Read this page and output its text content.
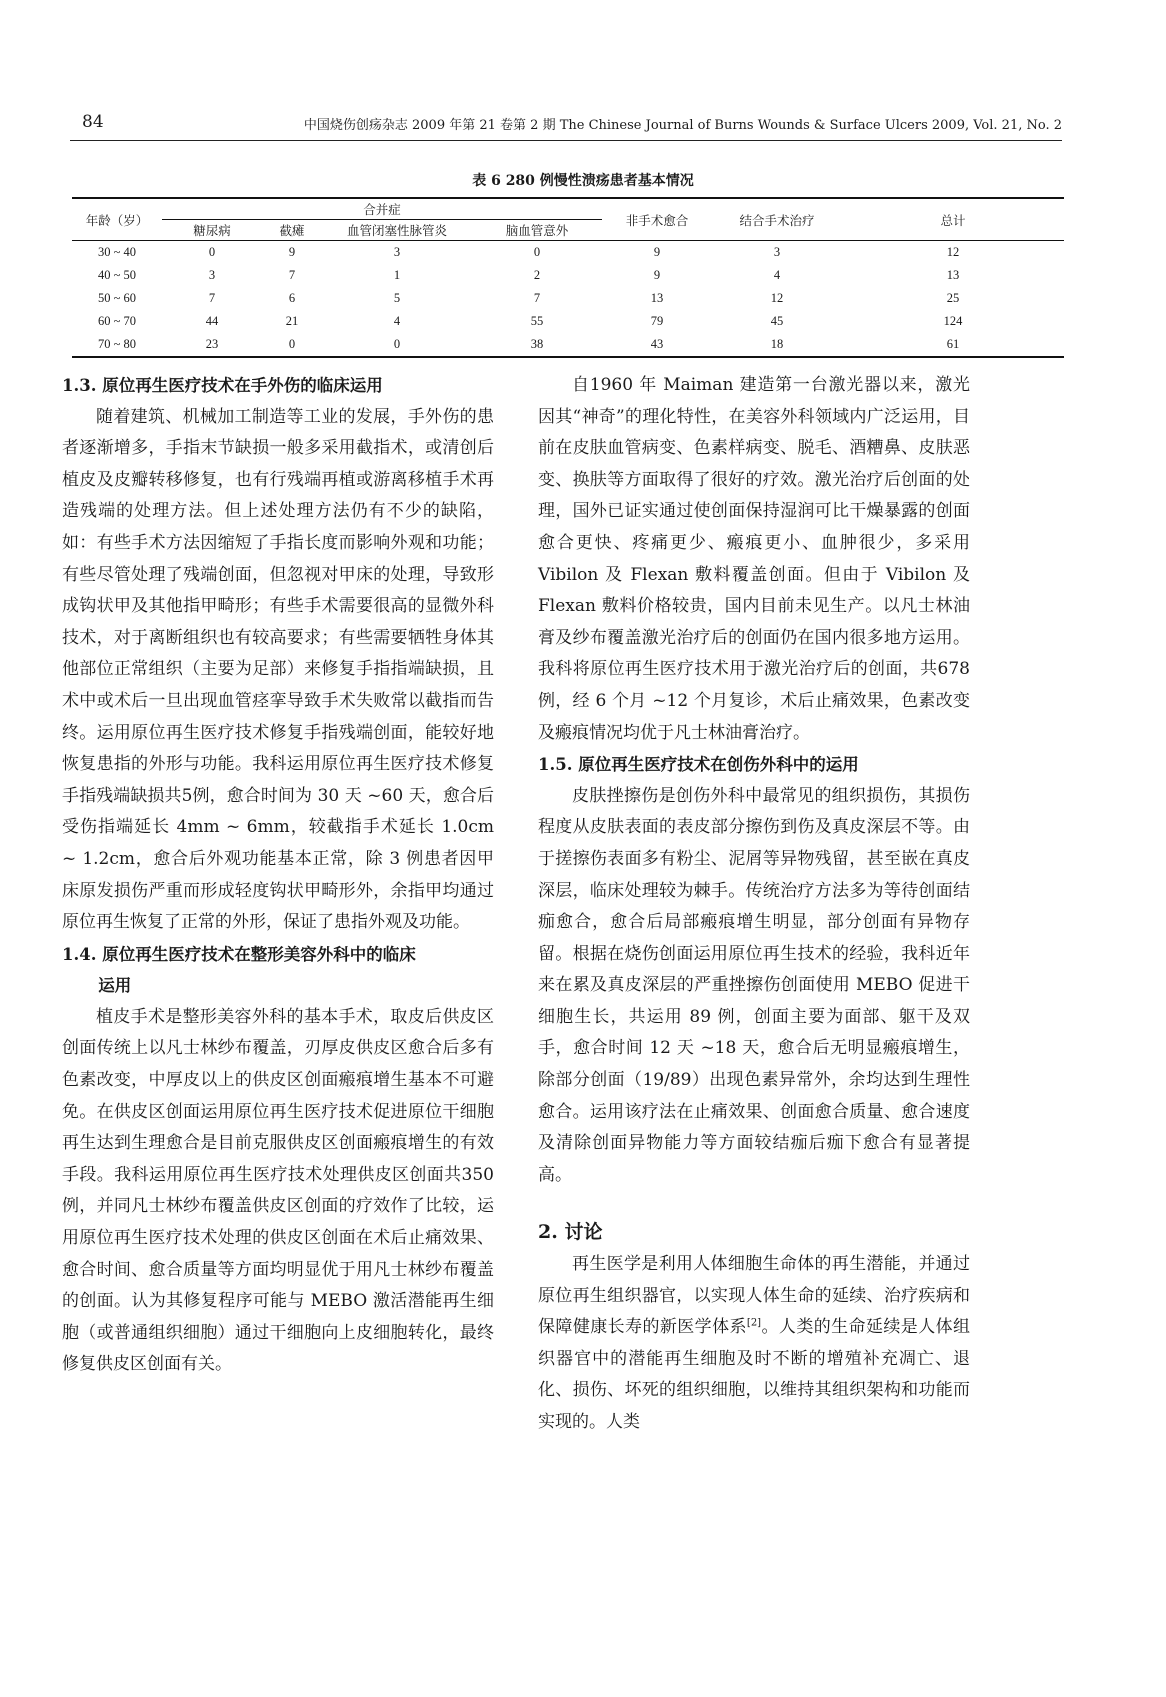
84	中国烧伤创疡杂志 2009 年第 21 卷第 2 期 The Chinese Journal of Burns Wounds & Surface Ulcers 2009, Vol. 21, No. 2
表 6 280 例慢性溃疡患者基本情况
年龄（岁）	合并症				非手术愈合	结合手术治疗	总计
	糖尿病	截瘫	血管闭塞性脉管炎	脑血管意外			
30 ~ 40	0	9	3	0	9	3	12
40 ~ 50	3	7	1	2	9	4	13
50 ~ 60	7	6	5	7	13	12	25
60 ~ 70	44	21	4	55	79	45	124
70 ~ 80	23	0	0	38	43	18	61
1.3. 原位再生医疗技术在手外伤的临床运用

随着建筑、机械加工制造等工业的发展，手外伤的患者逐渐增多，手指末节缺损一般多采用截指术，或清创后植皮及皮瓣转移修复，也有行残端再植或游离移植手术再造残端的处理方法。但上述处理方法仍有不少的缺陷，如：有些手术方法因缩短了手指长度而影响外观和功能；有些尽管处理了残端创面，但忽视对甲床的处理，导致形成钩状甲及其他指甲畸形；有些手术需要很高的显微外科技术，对于离断组织也有较高要求；有些需要牺牲身体其他部位正常组织（主要为足部）来修复手指指端缺损，且术中或术后一旦出现血管痉挛导致手术失败常以截指而告终。运用原位再生医疗技术修复手指残端创面，能较好地恢复患指的外形与功能。我科运用原位再生医疗技术修复手指残端缺损共5例，愈合时间为 30 天 ~60 天，愈合后受伤指端延长 4mm ~ 6mm，较截指手术延长 1.0cm ~ 1.2cm，愈合后外观功能基本正常，除 3 例患者因甲床原发损伤严重而形成轻度钩状甲畸形外，余指甲均通过原位再生恢复了正常的外形，保证了患指外观及功能。

1.4. 原位再生医疗技术在整形美容外科中的临床
运用

植皮手术是整形美容外科的基本手术，取皮后供皮区创面传统上以凡士林纱布覆盖，刃厚皮供皮区愈合后多有色素改变，中厚皮以上的供皮区创面瘢痕增生基本不可避免。在供皮区创面运用原位再生医疗技术促进原位干细胞再生达到生理愈合是目前克服供皮区创面瘢痕增生的有效手段。我科运用原位再生医疗技术处理供皮区创面共350例，并同凡士林纱布覆盖供皮区创面的疗效作了比较，运用原位再生医疗技术处理的供皮区创面在术后止痛效果、愈合时间、愈合质量等方面均明显优于用凡士林纱布覆盖的创面。认为其修复程序可能与 MEBO 激活潜能再生细胞（或普通组织细胞）通过干细胞向上皮细胞转化，最终修复供皮区创面有关。

自1960 年 Maiman 建造第一台激光器以来，激光因其“神奇”的理化特性，在美容外科领域内广泛运用，目前在皮肤血管病变、色素样病变、脱毛、酒糟鼻、皮肤恶变、换肤等方面取得了很好的疗效。激光治疗后创面的处理，国外已证实通过使创面保持湿润可比干燥暴露的创面愈合更快、疼痛更少、瘢痕更小、血肿很少，多采用 Vibilon 及 Flexan 敷料覆盖创面。但由于 Vibilon 及 Flexan 敷料价格较贵，国内目前未见生产。以凡士林油膏及纱布覆盖激光治疗后的创面仍在国内很多地方运用。我科将原位再生医疗技术用于激光治疗后的创面，共678 例，经 6 个月 ~12 个月复诊，术后止痛效果，色素改变及瘢痕情况均优于凡士林油膏治疗。

1.5. 原位再生医疗技术在创伤外科中的运用

皮肤挫擦伤是创伤外科中最常见的组织损伤，其损伤程度从皮肤表面的表皮部分擦伤到伤及真皮深层不等。由于搓擦伤表面多有粉尘、泥屑等异物残留，甚至嵌在真皮深层，临床处理较为棘手。传统治疗方法多为等待创面结痂愈合，愈合后局部瘢痕增生明显，部分创面有异物存留。根据在烧伤创面运用原位再生技术的经验，我科近年来在累及真皮深层的严重挫擦伤创面使用 MEBO 促进干细胞生长，共运用 89 例，创面主要为面部、躯干及双手，愈合时间 12 天 ~18 天，愈合后无明显瘢痕增生，除部分创面（19/89）出现色素异常外，余均达到生理性愈合。运用该疗法在止痛效果、创面愈合质量、愈合速度及清除创面异物能力等方面较结痂后痂下愈合有显著提高。

2. 讨论

再生医学是利用人体细胞生命体的再生潜能，并通过原位再生组织器官，以实现人体生命的延续、治疗疾病和保障健康长寿的新医学体系[2]。人类的生命延续是人体组织器官中的潜能再生细胞及时不断的增殖补充凋亡、退化、损伤、坏死的组织细胞，以维持其组织架构和功能而实现的。人类
